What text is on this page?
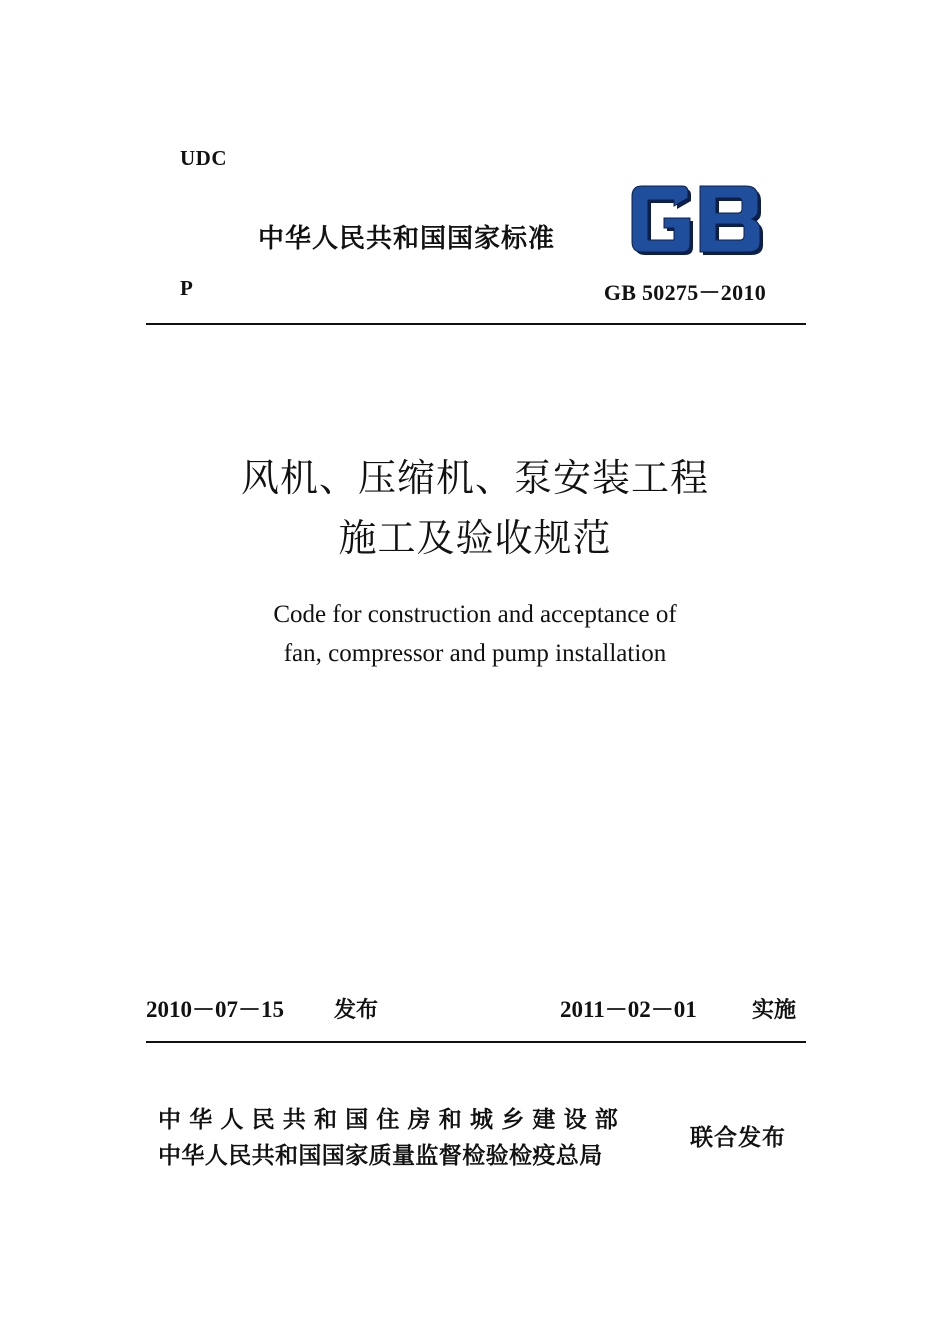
UDC
中华人民共和国国家标准
P	GB 50275－2010
风机、压缩机、泵安装工程
施工及验收规范
Code for construction and acceptance of
fan, compressor and pump installation
2010－07－15 发布	2011－02－01	实施
中华人民共和国住房和城乡建设部
中华人民共和国国家质量监督检验检疫总局
联合发布
